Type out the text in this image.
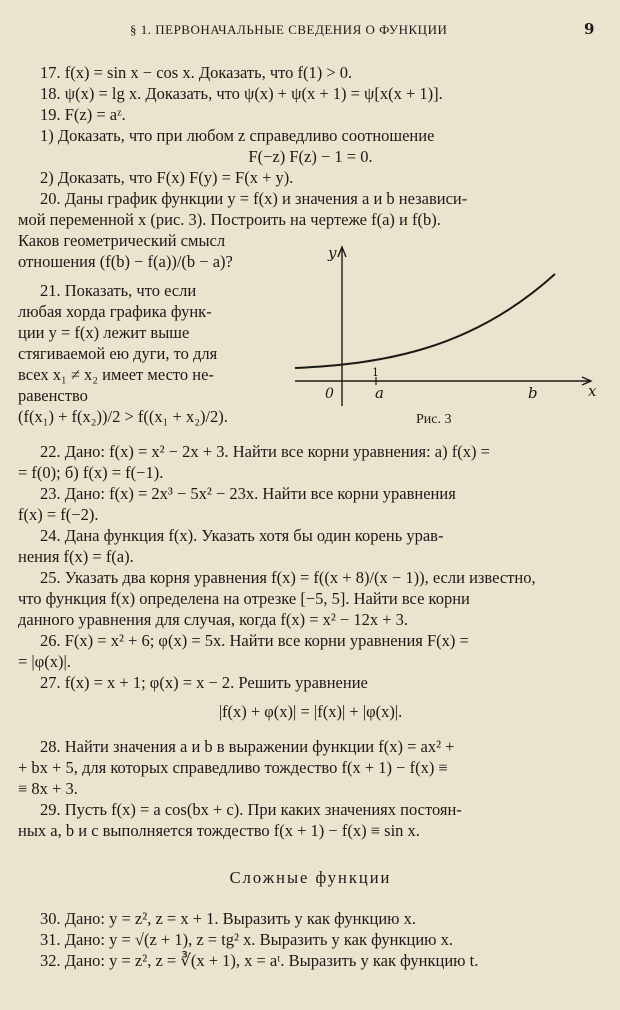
§ 1. ПЕРВОНАЧАЛЬНЫЕ СВЕДЕНИЯ О ФУНКЦИИ	9

17. f(x) = sin x − cos x. Доказать, что f(1) > 0.

18. ψ(x) = lg x. Доказать, что ψ(x) + ψ(x + 1) = ψ[x(x + 1)].

19. F(z) = aᶻ.

1) Доказать, что при любом z справедливо соотношение

F(−z) F(z) − 1 = 0.

2) Доказать, что F(x) F(y) = F(x + y).

20. Даны график функции y = f(x) и значения a и b независи-

мой переменной x (рис. 3). Построить на чертеже f(a) и f(b).

Каков геометрический смысл

отношения (f(b) − f(a))/(b − a)?

21. Показать, что если

любая хорда графика функ-

ции y = f(x) лежит выше

стягиваемой ею дуги, то для

всех x₁ ≠ x₂ имеет место не-

равенство

(f(x₁) + f(x₂))/2 > f((x₁ + x₂)/2).

22. Дано: f(x) = x² − 2x + 3. Найти все корни уравнения: a) f(x) =

= f(0); б) f(x) = f(−1).

23. Дано: f(x) = 2x³ − 5x² − 23x. Найти все корни уравнения

f(x) = f(−2).

24. Дана функция f(x). Указать хотя бы один корень урав-

нения f(x) = f(a).

25. Указать два корня уравнения f(x) = f((x + 8)/(x − 1)), если известно,

что функция f(x) определена на отрезке [−5, 5]. Найти все корни

данного уравнения для случая, когда f(x) = x² − 12x + 3.

26. F(x) = x² + 6; φ(x) = 5x. Найти все корни уравнения F(x) =

= |φ(x)|.

27. f(x) = x + 1; φ(x) = x − 2. Решить уравнение

|f(x) + φ(x)| = |f(x)| + |φ(x)|.

28. Найти значения a и b в выражении функции f(x) = ax² +

+ bx + 5, для которых справедливо тождество f(x + 1) − f(x) ≡

≡ 8x + 3.

29. Пусть f(x) = a cos(bx + c). При каких значениях постоян-

ных a, b и c выполняется тождество f(x + 1) − f(x) ≡ sin x.

Сложные функции

30. Дано: y = z², z = x + 1. Выразить y как функцию x.

31. Дано: y = √(z + 1), z = tg² x. Выразить y как функцию x.

32. Дано: y = z², z = ∛(x + 1), x = aᵗ. Выразить y как функцию t.

0
y
x
1
a	b
Рис. 3
